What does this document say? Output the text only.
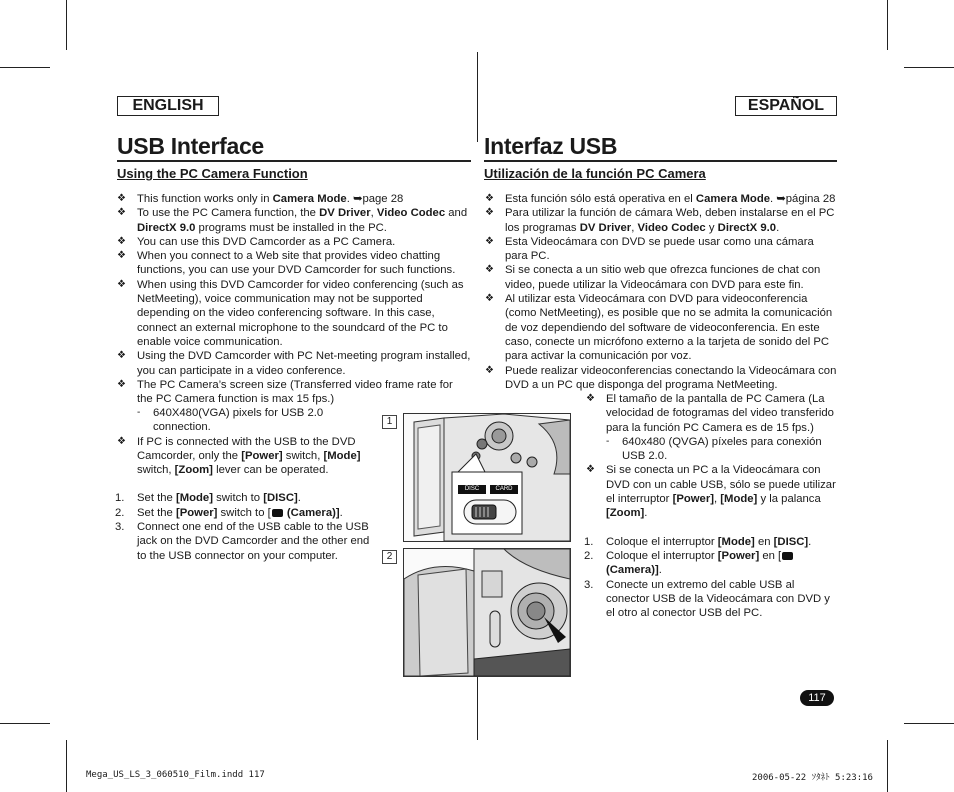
ENGLISH
USB Interface
Using the PC Camera Function
ESPAÑOL
Interfaz USB
Utilización de la función PC Camera
❖ This function works only in Camera Mode. ➥page 28
❖ To use the PC Camera function, the DV Driver, Video Codec and DirectX 9.0 programs must be installed in the PC.
❖ You can use this DVD Camcorder as a PC Camera.
❖ When you connect to a Web site that provides video chatting functions, you can use your DVD Camcorder for such functions.
❖ When using this DVD Camcorder for video conferencing (such as NetMeeting), voice communication may not be supported depending on the video conferencing software. In this case, connect an external microphone to the soundcard of the PC to enable voice communication.
❖ Using the DVD Camcorder with PC Net-meeting program installed, you can participate in a video conference.
❖ The PC Camera’s screen size (Transferred video frame rate for the PC Camera function is max 15 fps.)
- 640X480(VGA) pixels for USB 2.0 connection.
❖ If PC is connected with the USB to the DVD Camcorder, only the [Power] switch, [Mode] switch, [Zoom] lever can be operated.
1. Set the [Mode] switch to [DISC].
2. Set the [Power] switch to [ (Camera)].
3. Connect one end of the USB cable to the USB jack on the DVD Camcorder and the other end to the USB connector on your computer.
❖ Esta función sólo está operativa en el Camera Mode. ➥página 28
❖ Para utilizar la función de cámara Web, deben instalarse en el PC los programas DV Driver, Video Codec y DirectX 9.0.
❖ Esta Videocámara con DVD se puede usar como una cámara para PC.
❖ Si se conecta a un sitio web que ofrezca funciones de chat con video, puede utilizar la Videocámara con DVD para este fin.
❖ Al utilizar esta Videocámara con DVD para videoconferencia (como NetMeeting), es posible que no se admita la comunicación de voz dependiendo del software de videoconferencia. En este caso, conecte un micrófono externo a la tarjeta de sonido del PC para activar la comunicación por voz.
❖ Puede realizar videoconferencias conectando la Videocámara con DVD a un PC que disponga del programa NetMeeting.
❖ El tamaño de la pantalla de PC Camera (La velocidad de fotogramas del video transferido para la función PC Camera es de 15 fps.)
- 640x480 (QVGA) píxeles para conexión USB 2.0.
❖ Si se conecta un PC a la Videocámara con DVD con un cable USB, sólo se puede utilizar el interruptor [Power], [Mode] y la palanca [Zoom].
1. Coloque el interruptor [Mode] en [DISC].
2. Coloque el interruptor [Power] en [ (Camera)].
3. Conecte un extremo del cable USB al conector USB de la Videocámara con DVD y el otro al conector USB del PC.
1
DISC	CARD
2
117
Mega_US_LS_3_060510_Film.indd 117	2006-05-22 ｿﾀﾈﾄ 5:23:16
